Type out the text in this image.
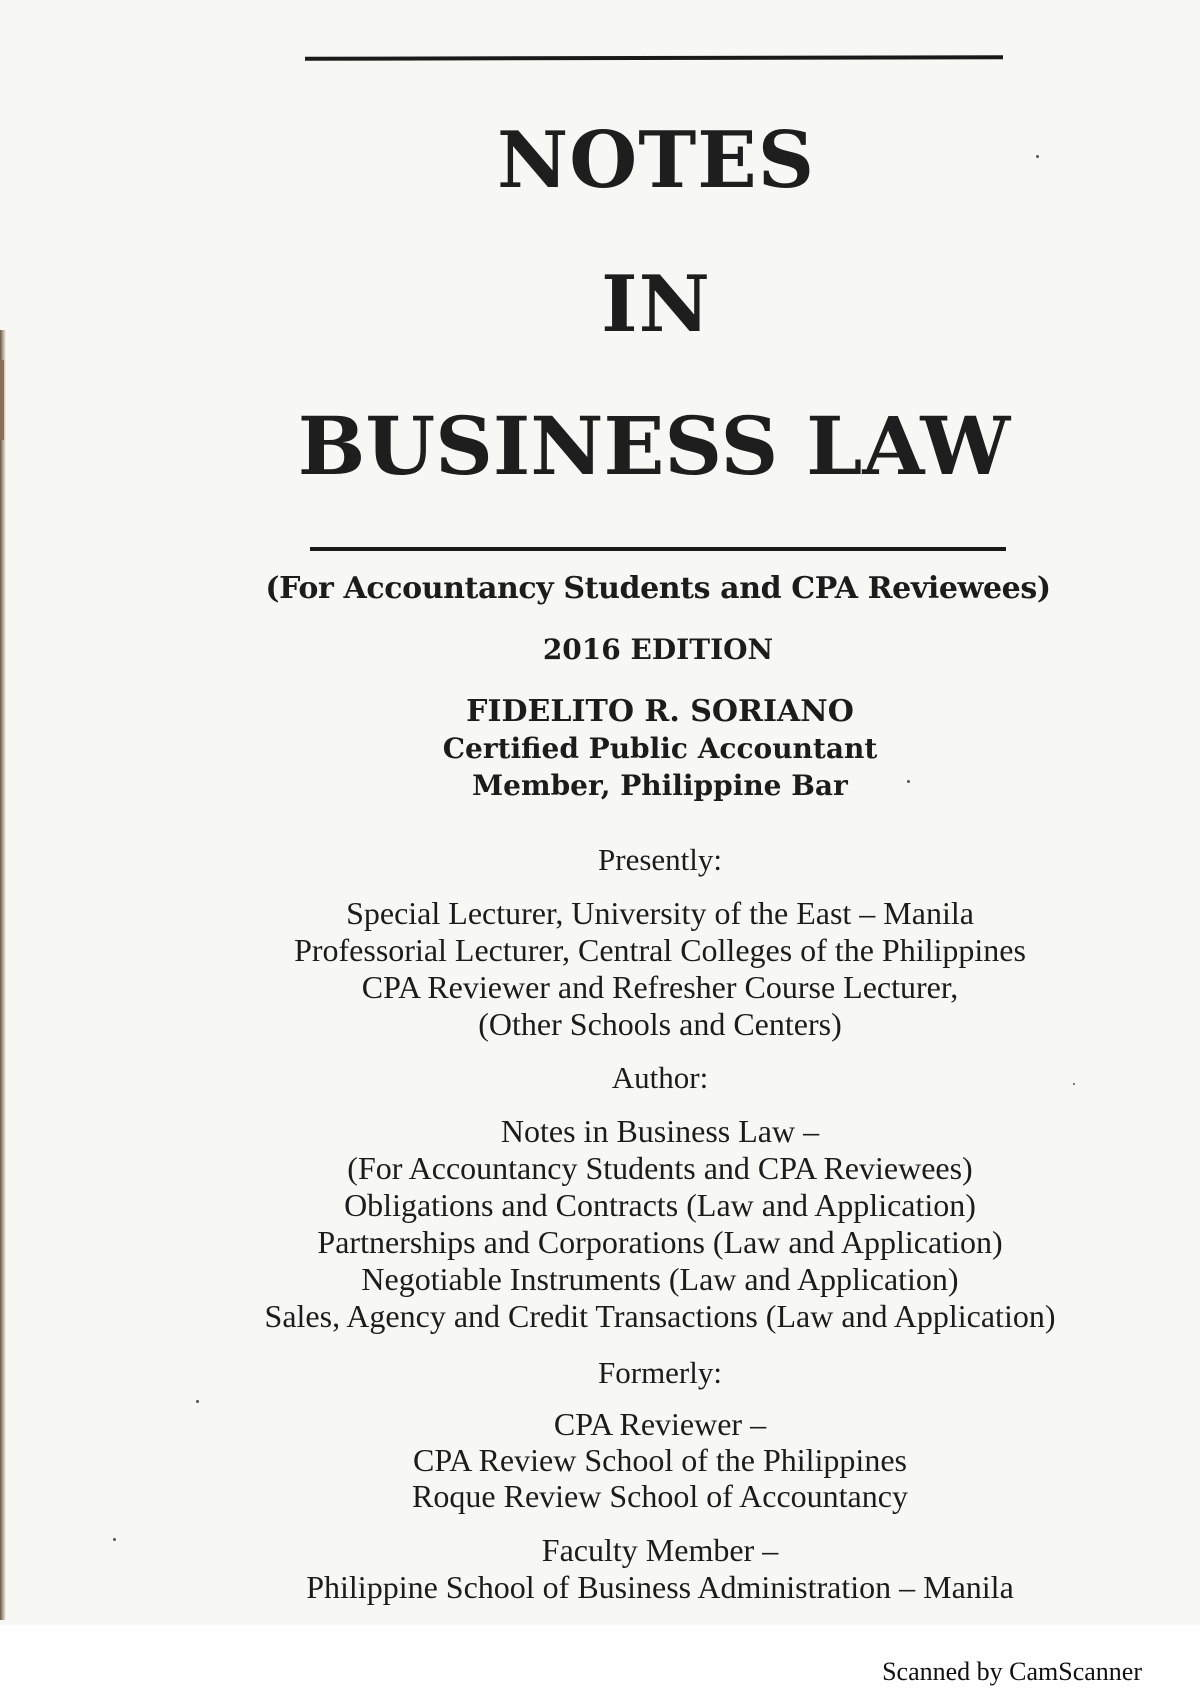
NOTES
IN
BUSINESS LAW
(For Accountancy Students and CPA Reviewees)
2016 EDITION
FIDELITO R. SORIANO
Certified Public Accountant
Member, Philippine Bar
Presently:
Special Lecturer, University of the East – Manila
Professorial Lecturer, Central Colleges of the Philippines
CPA Reviewer and Refresher Course Lecturer,
(Other Schools and Centers)
Author:
Notes in Business Law –
(For Accountancy Students and CPA Reviewees)
Obligations and Contracts (Law and Application)
Partnerships and Corporations (Law and Application)
Negotiable Instruments (Law and Application)
Sales, Agency and Credit Transactions (Law and Application)
Formerly:
CPA Reviewer –
CPA Review School of the Philippines
Roque Review School of Accountancy
Faculty Member –
Philippine School of Business Administration – Manila
Scanned by CamScanner
